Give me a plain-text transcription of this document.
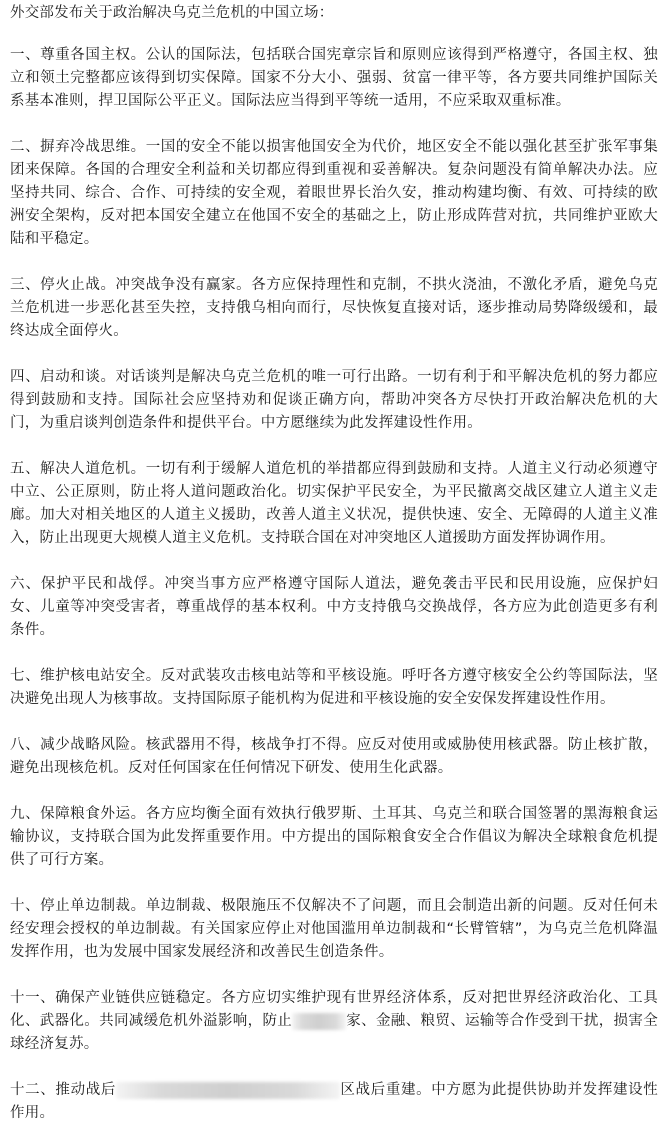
外交部发布关于政治解决乌克兰危机的中国立场：
一、尊重各国主权。公认的国际法，包括联合国宪章宗旨和原则应该得到严格遵守，各国主权、独立和领土完整都应该得到切实保障。国家不分大小、强弱、贫富一律平等，各方要共同维护国际关系基本准则，捍卫国际公平正义。国际法应当得到平等统一适用，不应采取双重标准。
二、摒弃冷战思维。一国的安全不能以损害他国安全为代价，地区安全不能以强化甚至扩张军事集团来保障。各国的合理安全利益和关切都应得到重视和妥善解决。复杂问题没有简单解决办法。应坚持共同、综合、合作、可持续的安全观，着眼世界长治久安，推动构建均衡、有效、可持续的欧洲安全架构，反对把本国安全建立在他国不安全的基础之上，防止形成阵营对抗，共同维护亚欧大陆和平稳定。
三、停火止战。冲突战争没有赢家。各方应保持理性和克制，不拱火浇油，不激化矛盾，避免乌克兰危机进一步恶化甚至失控，支持俄乌相向而行，尽快恢复直接对话，逐步推动局势降级缓和，最终达成全面停火。
四、启动和谈。对话谈判是解决乌克兰危机的唯一可行出路。一切有利于和平解决危机的努力都应得到鼓励和支持。国际社会应坚持劝和促谈正确方向，帮助冲突各方尽快打开政治解决危机的大门，为重启谈判创造条件和提供平台。中方愿继续为此发挥建设性作用。
五、解决人道危机。一切有利于缓解人道危机的举措都应得到鼓励和支持。人道主义行动必须遵守中立、公正原则，防止将人道问题政治化。切实保护平民安全，为平民撤离交战区建立人道主义走廊。加大对相关地区的人道主义援助，改善人道主义状况，提供快速、安全、无障碍的人道主义准入，防止出现更大规模人道主义危机。支持联合国在对冲突地区人道援助方面发挥协调作用。
六、保护平民和战俘。冲突当事方应严格遵守国际人道法，避免袭击平民和民用设施，应保护妇女、儿童等冲突受害者，尊重战俘的基本权利。中方支持俄乌交换战俘，各方应为此创造更多有利条件。
七、维护核电站安全。反对武装攻击核电站等和平核设施。呼吁各方遵守核安全公约等国际法，坚决避免出现人为核事故。支持国际原子能机构为促进和平核设施的安全安保发挥建设性作用。
八、减少战略风险。核武器用不得，核战争打不得。应反对使用或威胁使用核武器。防止核扩散，避免出现核危机。反对任何国家在任何情况下研发、使用生化武器。
九、保障粮食外运。各方应均衡全面有效执行俄罗斯、土耳其、乌克兰和联合国签署的黑海粮食运输协议，支持联合国为此发挥重要作用。中方提出的国际粮食安全合作倡议为解决全球粮食危机提供了可行方案。
十、停止单边制裁。单边制裁、极限施压不仅解决不了问题，而且会制造出新的问题。反对任何未经安理会授权的单边制裁。有关国家应停止对他国滥用单边制裁和“长臂管辖”，为乌克兰危机降温发挥作用，也为发展中国家发展经济和改善民生创造条件。
十一、确保产业链供应链稳定。各方应切实维护现有世界经济体系，反对把世界经济政治化、工具化、武器化。共同减缓危机外溢影响，防止	家、金融、粮贸、运输等合作受到干扰，损害全球经济复苏。
十二、推动战后	区战后重建。中方愿为此提供协助并发挥建设性作用。
